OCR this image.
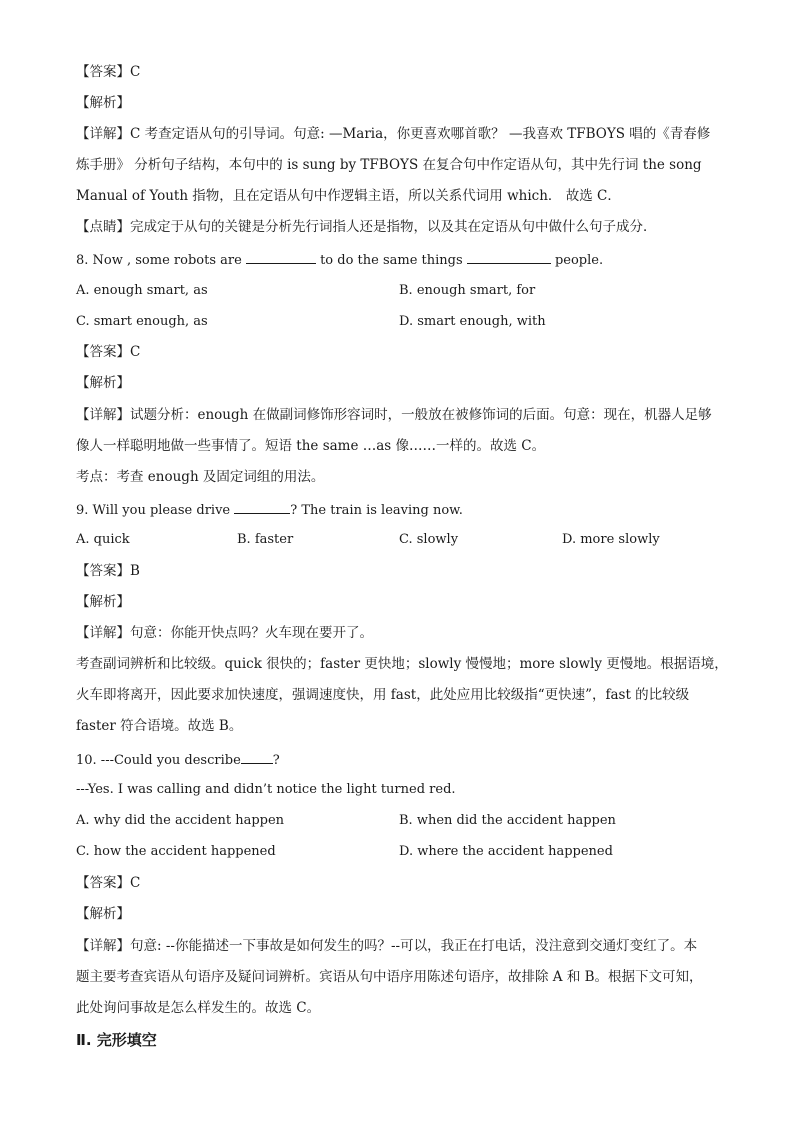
【答案】C
【解析】
【详解】C 考查定语从句的引导词。句意: —Maria，你更喜欢哪首歌？ —我喜欢 TFBOYS 唱的《青春修
炼手册》 分析句子结构，本句中的 is sung by TFBOYS 在复合句中作定语从句，其中先行词 the song
Manual of Youth 指物，且在定语从句中作逻辑主语，所以关系代词用 which． 故选 C．
【点睛】完成定于从句的关键是分析先行词指人还是指物，以及其在定语从句中做什么句子成分．
8. Now , some robots are	to do the same things	people.
A. enough smart, as	B. enough smart, for
C. smart enough, as	D. smart enough, with
【答案】C
【解析】
【详解】试题分析：enough 在做副词修饰形容词时，一般放在被修饰词的后面。句意：现在，机器人足够
像人一样聪明地做一些事情了。短语 the same …as 像……一样的。故选 C。
考点：考查 enough 及固定词组的用法。
9. Will you please drive	? The train is leaving now.
A. quick	B. faster	C. slowly	D. more slowly
【答案】B
【解析】
【详解】句意：你能开快点吗？火车现在要开了。
考查副词辨析和比较级。quick 很快的；faster 更快地；slowly 慢慢地；more slowly 更慢地。根据语境，
火车即将离开，因此要求加快速度，强调速度快，用 fast，此处应用比较级指“更快速”，fast 的比较级
faster 符合语境。故选 B。
10. ---Could you describe ?
---Yes. I was calling and didn’t notice the light turned red.
A. why did the accident happen	B. when did the accident happen
C. how the accident happened	D. where the accident happened
【答案】C
【解析】
【详解】句意: --你能描述一下事故是如何发生的吗？--可以，我正在打电话，没注意到交通灯变红了。本
题主要考查宾语从句语序及疑问词辨析。宾语从句中语序用陈述句语序，故排除 A 和 B。根据下文可知，
此处询问事故是怎么样发生的。故选 C。
Ⅱ. 完形填空
